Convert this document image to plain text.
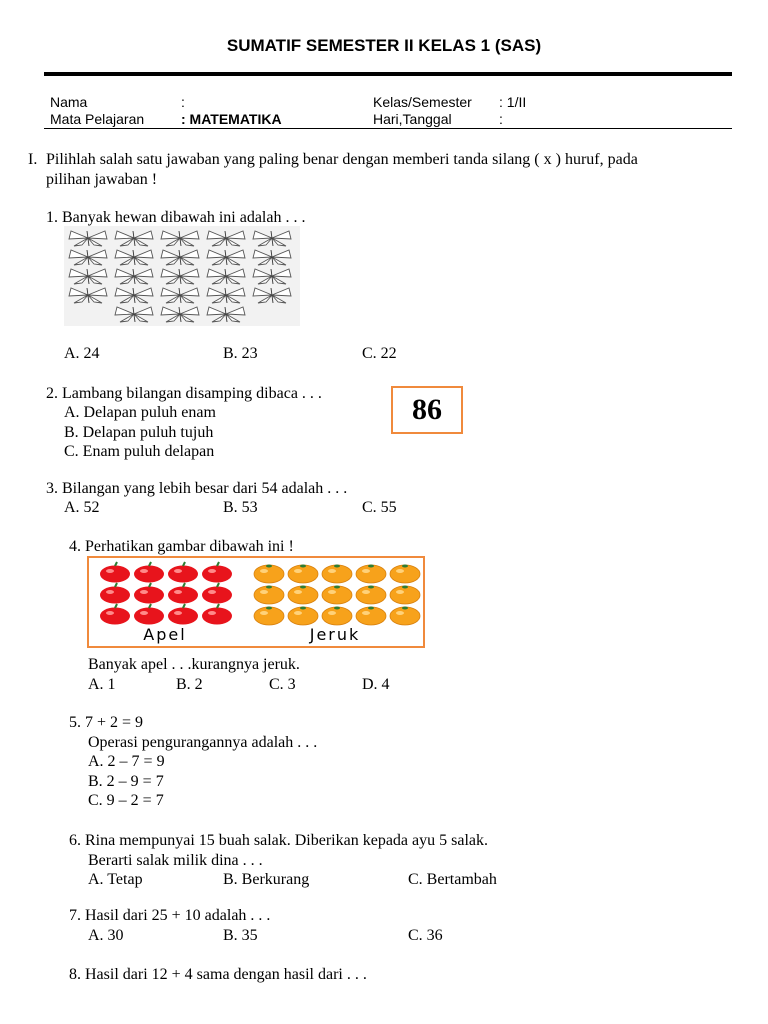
SUMATIF SEMESTER II KELAS 1 (SAS)
Nama	:	Kelas/Semester : 1/II
Mata Pelajaran	: MATEMATIKA	Hari,Tanggal	:
I. Pilihlah salah satu jawaban yang paling benar dengan memberi tanda silang ( x ) huruf, pada
pilihan jawaban !
1. Banyak hewan dibawah ini adalah . . .
A. 24	B. 23	C. 22
2. Lambang bilangan disamping dibaca . . .
A. Delapan puluh enam
B. Delapan puluh tujuh
C. Enam puluh delapan
86
3. Bilangan yang lebih besar dari 54 adalah . . .
A. 52	B. 53	C. 55
4. Perhatikan gambar dibawah ini !
Apel	Jeruk
Banyak apel . . .kurangnya jeruk.
A. 1	B. 2	C. 3	D. 4
5. 7 + 2 = 9
Operasi pengurangannya adalah . . .
A. 2 – 7 = 9
B. 2 – 9 = 7
C. 9 – 2 = 7
6. Rina mempunyai 15 buah salak. Diberikan kepada ayu 5 salak.
Berarti salak milik dina . . .
A. Tetap	B. Berkurang	C. Bertambah
7. Hasil dari 25 + 10 adalah . . .
A. 30	B. 35	C. 36
8. Hasil dari 12 + 4 sama dengan hasil dari . . .
